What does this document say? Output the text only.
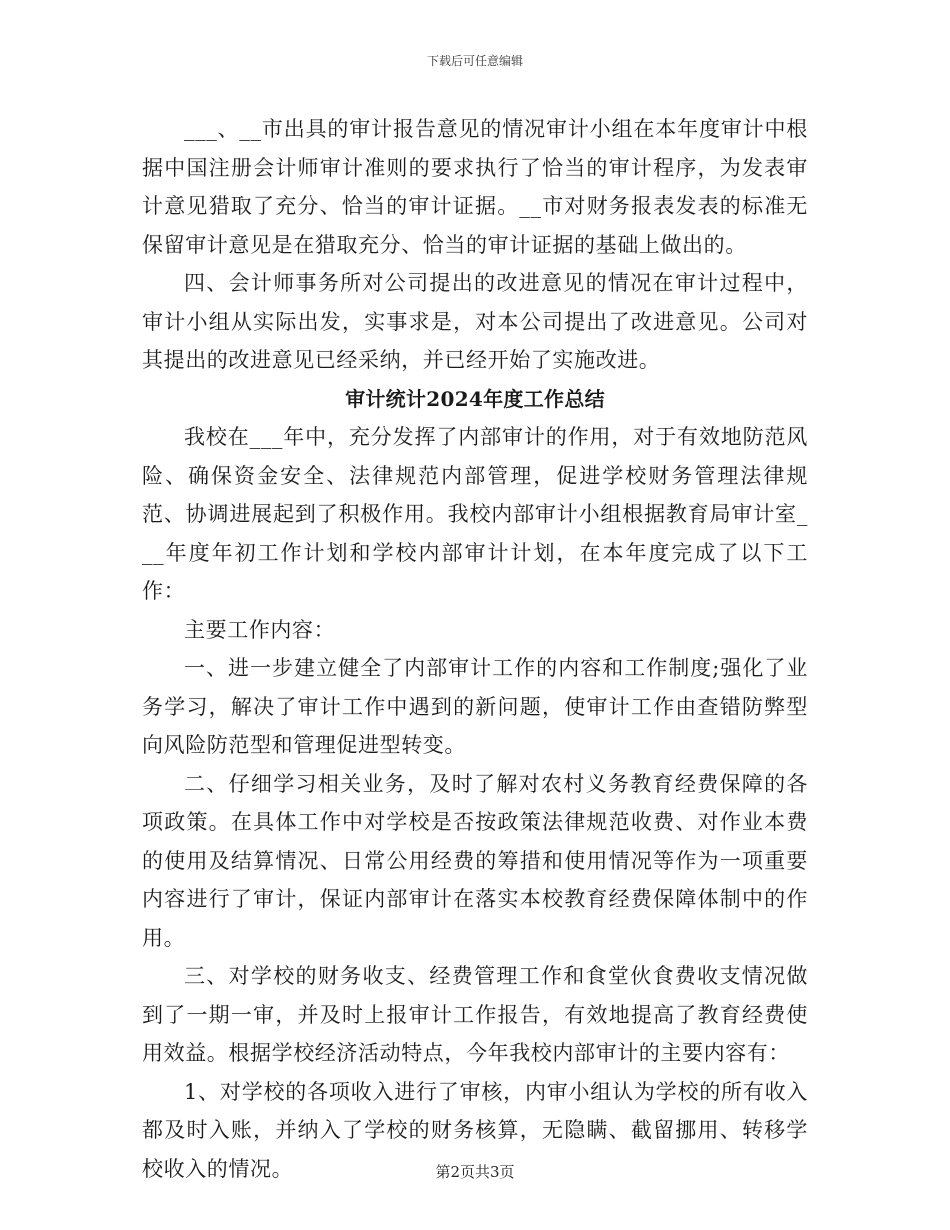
下载后可任意编辑

___、__市出具的审计报告意见的情况审计小组在本年度审计中根据中国注册会计师审计准则的要求执行了恰当的审计程序，为发表审计意见猎取了充分、恰当的审计证据。__市对财务报表发表的标准无保留审计意见是在猎取充分、恰当的审计证据的基础上做出的。

四、会计师事务所对公司提出的改进意见的情况在审计过程中，审计小组从实际出发，实事求是，对本公司提出了改进意见。公司对其提出的改进意见已经采纳，并已经开始了实施改进。

审计统计2024年度工作总结

我校在___年中，充分发挥了内部审计的作用，对于有效地防范风险、确保资金安全、法律规范内部管理，促进学校财务管理法律规范、协调进展起到了积极作用。我校内部审计小组根据教育局审计室___年度年初工作计划和学校内部审计计划，在本年度完成了以下工作：

主要工作内容：

一、进一步建立健全了内部审计工作的内容和工作制度;强化了业务学习，解决了审计工作中遇到的新问题，使审计工作由查错防弊型向风险防范型和管理促进型转变。

二、仔细学习相关业务，及时了解对农村义务教育经费保障的各项政策。在具体工作中对学校是否按政策法律规范收费、对作业本费的使用及结算情况、日常公用经费的筹措和使用情况等作为一项重要内容进行了审计，保证内部审计在落实本校教育经费保障体制中的作用。

三、对学校的财务收支、经费管理工作和食堂伙食费收支情况做到了一期一审，并及时上报审计工作报告，有效地提高了教育经费使用效益。根据学校经济活动特点，今年我校内部审计的主要内容有：

1、对学校的各项收入进行了审核，内审小组认为学校的所有收入都及时入账，并纳入了学校的财务核算，无隐瞒、截留挪用、转移学校收入的情况。	第2页共3页
